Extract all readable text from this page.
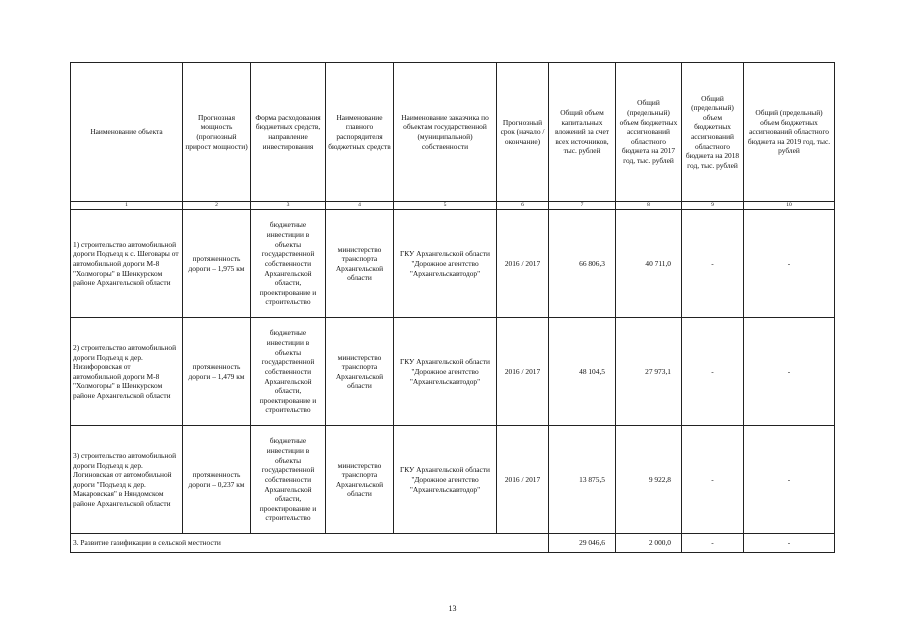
Наименование объекта	Прогнозная мощность (прогнозный прирост мощности)	Форма расходования бюджетных средств, направление инвестирования	Наименование главного распорядителя бюджетных средств	Наименование заказчика по объектам государственной (муниципальной) собственности	Прогнозный срок (начало / окончание)	Общий объем капитальных вложений за счет всех источников, тыс. рублей	Общий (предельный) объем бюджетных ассигнований областного бюджета на 2017 год, тыс. рублей	Общий (предельный) объем бюджетных ассигнований областного бюджета на 2018 год, тыс. рублей	Общий (предельный) объем бюджетных ассигнований областного бюджета на 2019 год, тыс. рублей
1	2	3	4	5	6	7	8	9	10
1) строительство автомобильной дороги Подъезд к с. Шеговары от автомобильной дороги М-8 "Холмогоры" в Шенкурском районе Архангельской области	протяженность дороги – 1,975 км	бюджетные инвестиции в объекты государственной собственности Архангельской области, проектирование и строительство	министерство транспорта Архангельской области	ГКУ Архангельской области "Дорожное агентство "Архангельскавтодор"	2016 / 2017	66 806,3	40 711,0	-	-
2) строительство автомобильной дороги Подъезд к дер. Низифоровская от автомобильной дороги М-8 "Холмогоры" в Шенкурском районе Архангельской области	протяженность дороги – 1,479 км	бюджетные инвестиции в объекты государственной собственности Архангельской области, проектирование и строительство	министерство транспорта Архангельской области	ГКУ Архангельской области "Дорожное агентство "Архангельскавтодор"	2016 / 2017	48 104,5	27 973,1	-	-
3) строительство автомобильной дороги Подъезд к дер. Логиновская от автомобильной дороги "Подъезд к дер. Макаровская" в Няндомском районе Архангельской области	протяженность дороги – 0,237 км	бюджетные инвестиции в объекты государственной собственности Архангельской области, проектирование и строительство	министерство транспорта Архангельской области	ГКУ Архангельской области "Дорожное агентство "Архангельскавтодор"	2016 / 2017	13 875,5	9 922,8	-	-
3. Развитие газификации в сельской местности						29 046,6	2 000,0	-	-
13
